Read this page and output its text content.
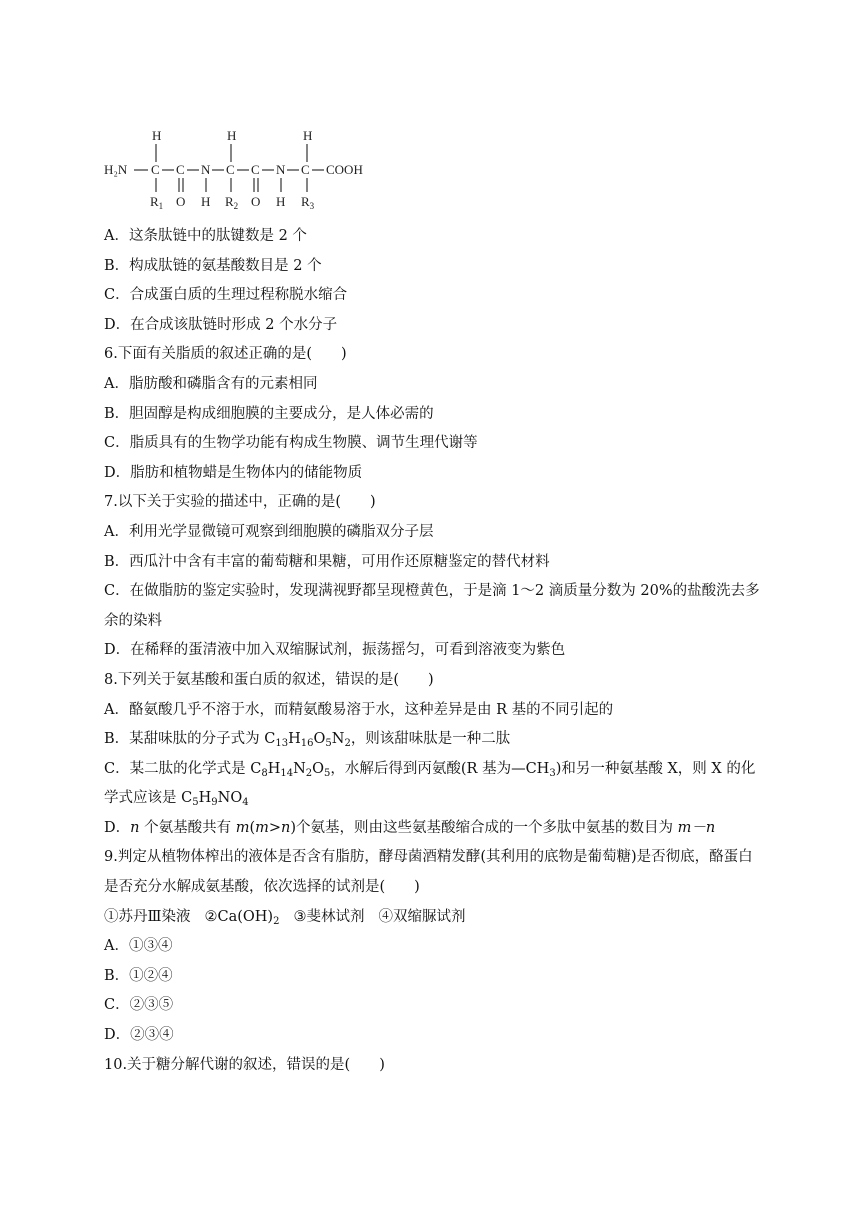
H	H	H
H₂N C C N C C N C COOH
$R_1$ O H $R_2$ O H $R_3$
A．这条肽链中的肽键数是 2 个
B．构成肽链的氨基酸数目是 2 个
C．合成蛋白质的生理过程称脱水缩合
D．在合成该肽链时形成 2 个水分子
6.下面有关脂质的叙述正确的是(　　)
A．脂肪酸和磷脂含有的元素相同
B．胆固醇是构成细胞膜的主要成分，是人体必需的
C．脂质具有的生物学功能有构成生物膜、调节生理代谢等
D．脂肪和植物蜡是生物体内的储能物质
7.以下关于实验的描述中，正确的是(　　)
A．利用光学显微镜可观察到细胞膜的磷脂双分子层
B．西瓜汁中含有丰富的葡萄糖和果糖，可用作还原糖鉴定的替代材料
C．在做脂肪的鉴定实验时，发现满视野都呈现橙黄色，于是滴 1～2 滴质量分数为 20%的盐酸洗去多余的染料
D．在稀释的蛋清液中加入双缩脲试剂，振荡摇匀，可看到溶液变为紫色
8.下列关于氨基酸和蛋白质的叙述，错误的是(　　)
A．酪氨酸几乎不溶于水，而精氨酸易溶于水，这种差异是由 R 基的不同引起的
B．某甜味肽的分子式为 $C_{13}H_{16}O_5N_2$，则该甜味肽是一种二肽
C．某二肽的化学式是 $C_8H_{14}N_2O_5$，水解后得到丙氨酸(R 基为$—CH_3$)和另一种氨基酸 X，则 X 的化学式应该是 $C_5H_9NO_4$
D．n 个氨基酸共有 m(m>n)个氨基，则由这些氨基酸缩合成的一个多肽中氨基的数目为 m－n
9.判定从植物体榨出的液体是否含有脂肪，酵母菌酒精发酵(其利用的底物是葡萄糖)是否彻底，酪蛋白是否充分水解成氨基酸，依次选择的试剂是(　　)
①苏丹Ⅲ染液 $②Ca(OH)_2$ ③斐林试剂 ④双缩脲试剂
A．①③④
B．①②④
C．②③⑤
D．②③④
10.关于糖分解代谢的叙述，错误的是(　　)
